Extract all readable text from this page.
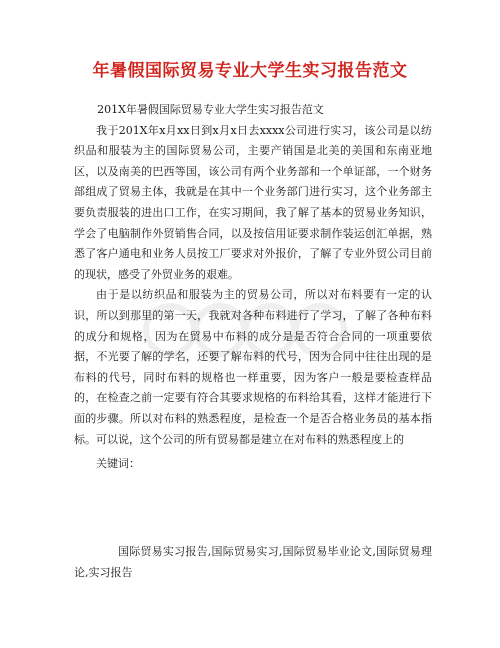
年暑假国际贸易专业大学生实习报告范文

201X年暑假国际贸易专业大学生实习报告范文

我于201X年x月xx日到x月x日去xxxx公司进行实习，该公司是以纺织品和服装为主的国际贸易公司，主要产销国是北美的美国和东南亚地区，以及南美的巴西等国，该公司有两个业务部和一个单证部，一个财务部组成了贸易主体，我就是在其中一个业务部门进行实习，这个业务部主要负责服装的进出口工作，在实习期间，我了解了基本的贸易业务知识，学会了电脑制作外贸销售合同，以及按信用证要求制作装运创汇单据，熟悉了客户通电和业务人员按工厂要求对外报价，了解了专业外贸公司目前的现状，感受了外贸业务的艰难。

由于是以纺织品和服装为主的贸易公司，所以对布料要有一定的认识，所以到那里的第一天，我就对各种布料进行了学习，了解了各种布料的成分和规格，因为在贸易中布料的成分是是否符合合同的一项重要依据，不光要了解的学名，还要了解布料的代号，因为合同中往往出现的是布料的代号，同时布料的规格也一样重要，因为客户一般是要检查样品的，在检查之前一定要有符合其要求规格的布料给其看，这样才能进行下面的步骤。所以对布料的熟悉程度，是检查一个是否合格业务员的基本指标。可以说，这个公司的所有贸易都是建立在对布料的熟悉程度上的

关键词：

国际贸易实习报告,国际贸易实习,国际贸易毕业论文,国际贸易理论,实习报告
